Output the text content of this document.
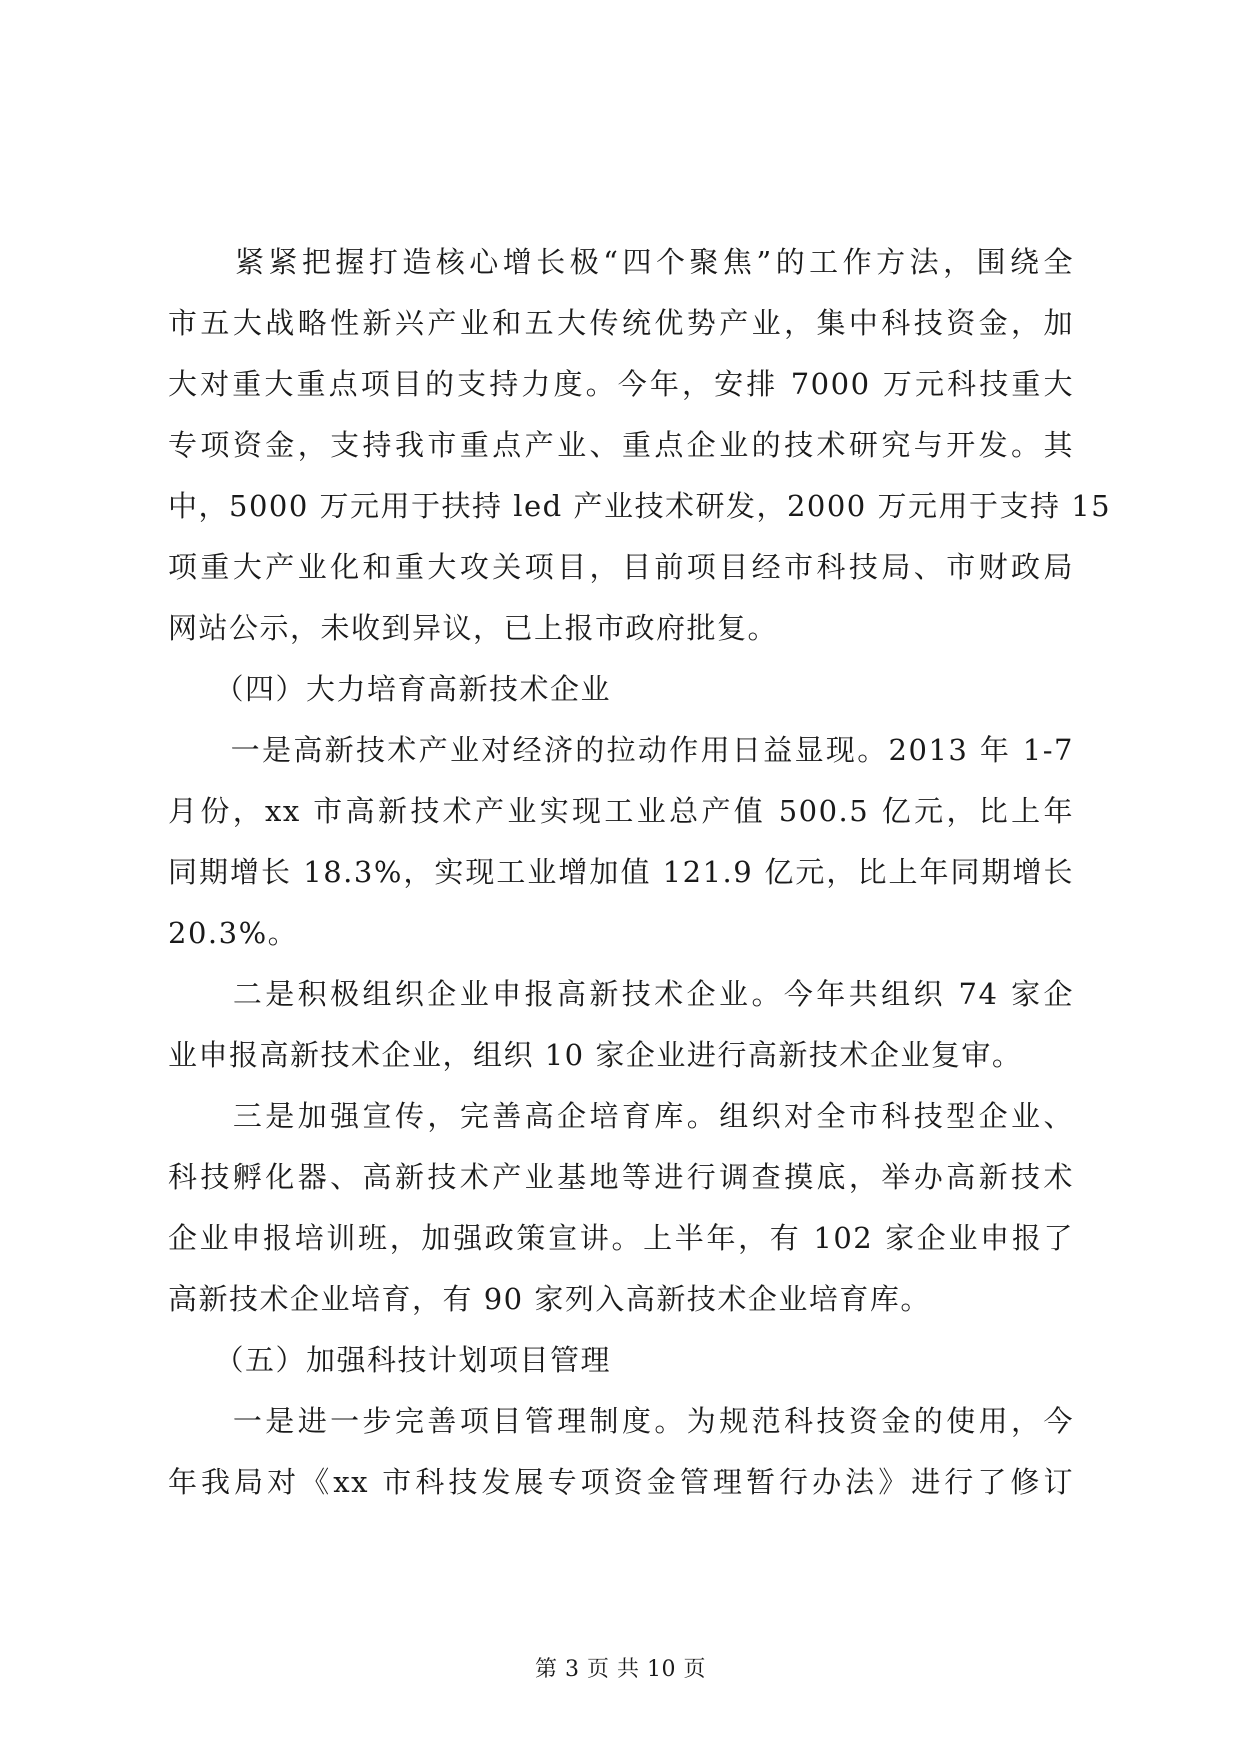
　　紧紧把握打造核心增长极“四个聚焦”的工作方法，围绕全
市五大战略性新兴产业和五大传统优势产业，集中科技资金，加
大对重大重点项目的支持力度。今年，安排 7000 万元科技重大
专项资金，支持我市重点产业、重点企业的技术研究与开发。其
中，5000 万元用于扶持 led 产业技术研发，2000 万元用于支持 15
项重大产业化和重大攻关项目，目前项目经市科技局、市财政局
网站公示，未收到异议，已上报市政府批复。
　　（四）大力培育高新技术企业
　　一是高新技术产业对经济的拉动作用日益显现。2013 年 1-7
月份，xx 市高新技术产业实现工业总产值 500.5 亿元，比上年
同期增长 18.3%，实现工业增加值 121.9 亿元，比上年同期增长
20.3%。
　　二是积极组织企业申报高新技术企业。今年共组织 74 家企
业申报高新技术企业，组织 10 家企业进行高新技术企业复审。
　　三是加强宣传，完善高企培育库。组织对全市科技型企业、
科技孵化器、高新技术产业基地等进行调查摸底，举办高新技术
企业申报培训班，加强政策宣讲。上半年，有 102 家企业申报了
高新技术企业培育，有 90 家列入高新技术企业培育库。
　　（五）加强科技计划项目管理
　　一是进一步完善项目管理制度。为规范科技资金的使用，今
年我局对《xx 市科技发展专项资金管理暂行办法》进行了修订
第 3 页 共 10 页
